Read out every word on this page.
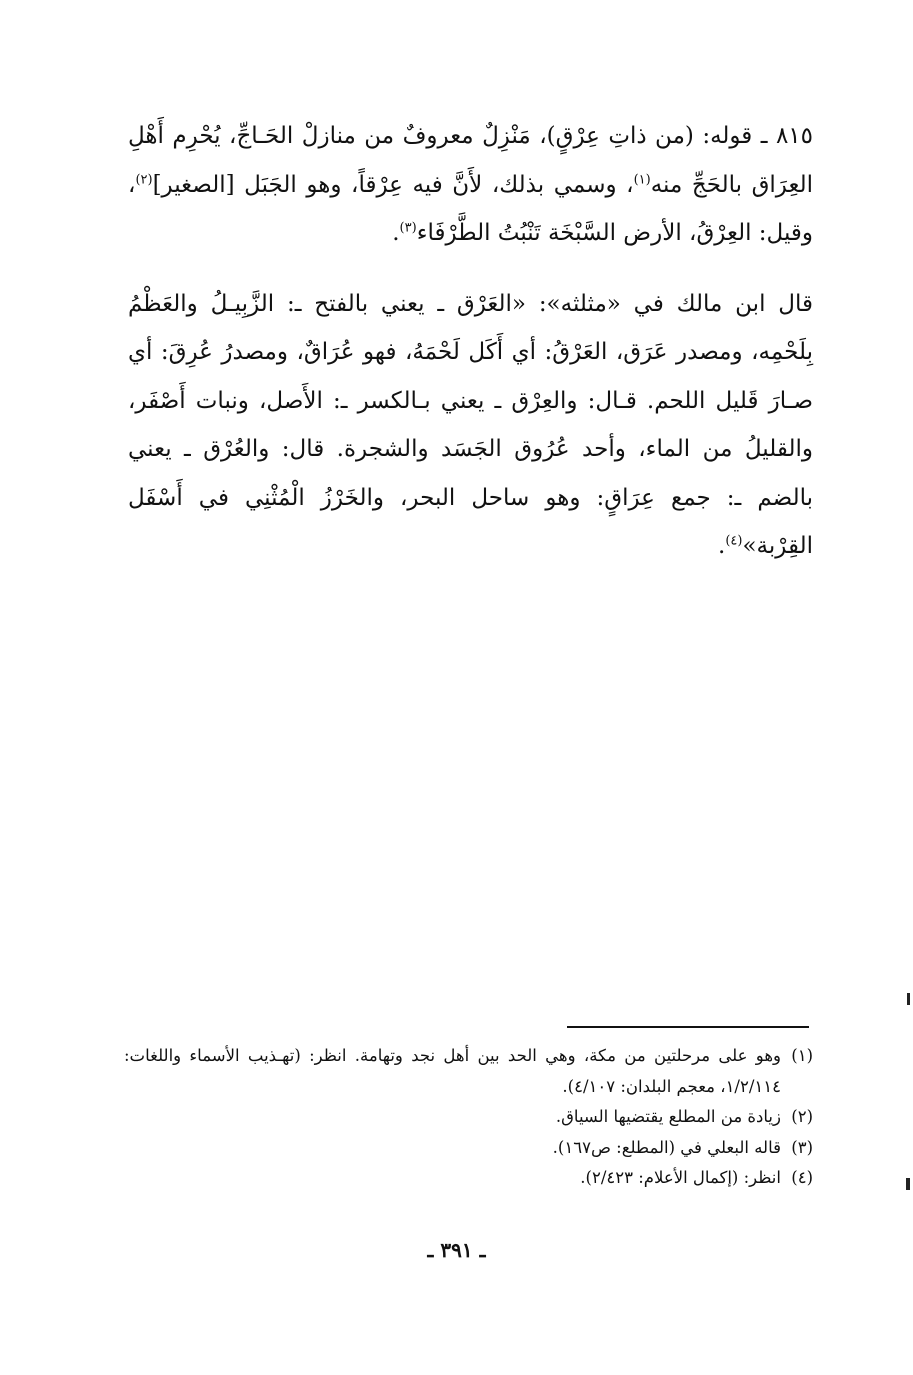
٨١٥ ـ قوله: (من ذاتِ عِرْقٍ)، مَنْزِلٌ معروفٌ من منازلْ الحَـاجِّ، يُحْرِم أَهْلِ العِرَاق بالحَجِّ منه$^{(١)}$، وسمي بذلك، لأَنَّ فيه عِرْقاً، وهو الجَبَل [الصغير]$^{(٢)}$، وقيل: العِرْقُ، الأرض السَّبْخَة تَنْبُتُ الطَّرْفَاء$^{(٣)}$.

قال ابن مالك في «مثلثه»: «العَرْق ـ يعني بالفتح ـ: الزَّبِيـلُ والعَظْمُ بِلَحْمِه، ومصدر عَرَق، العَرْقُ: أي أَكَل لَحْمَهُ، فهو عُرَاقٌ، ومصدرُ عُرِقَ: أي صـارَ قَليل اللحم. قـال: والعِرْق ـ يعني بـالكسر ـ: الأَصل، ونبات أَصْفَر، والقليلُ من الماء، وأحد عُرُوق الجَسَد والشجرة. قال: والعُرْق ـ يعني بالضم ـ: جمع عِرَاقٍ: وهو ساحل البحر، والخَرْزُ الْمُثْنِي في أَسْفَل القِرْبة»$^{(٤)}$.

(١)وهو على مرحلتين من مكة، وهي الحد بين أهل نجد وتهامة. انظر: (تهـذيب الأسماء واللغات: ١/٢/١١٤، معجم البلدان: ٤/١٠٧).
(٢)زيادة من المطلع يقتضيها السياق.
(٣)قاله البعلي في (المطلع: ص١٦٧).
(٤)انظر: (إكمال الأعلام: ٢/٤٢٣).
ـ ٣٩١ ـ
